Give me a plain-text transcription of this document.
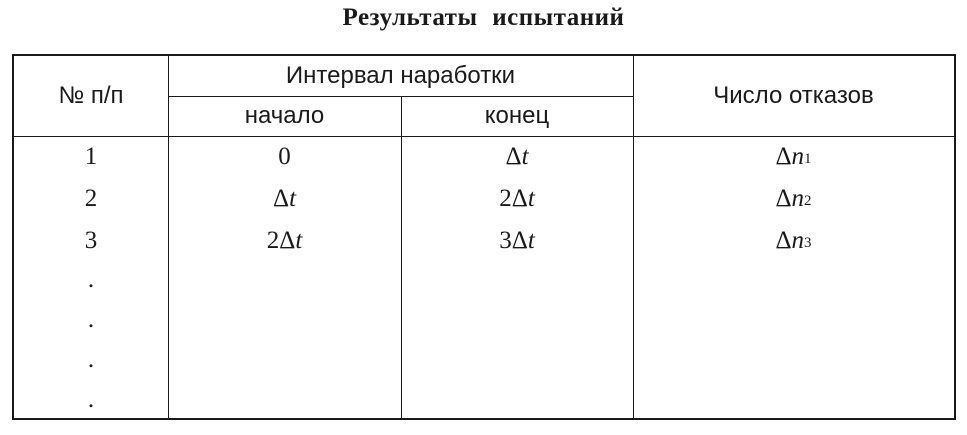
Результаты испытаний
№ п/п
Интервал наработки
начало	конец
Число отказов
1	0	Δ t	Δ $n_1$
2	Δ t	2Δ t	Δ $n_2$
3	2Δ t	3Δ t	Δ $n_3$
.
.
.
.
